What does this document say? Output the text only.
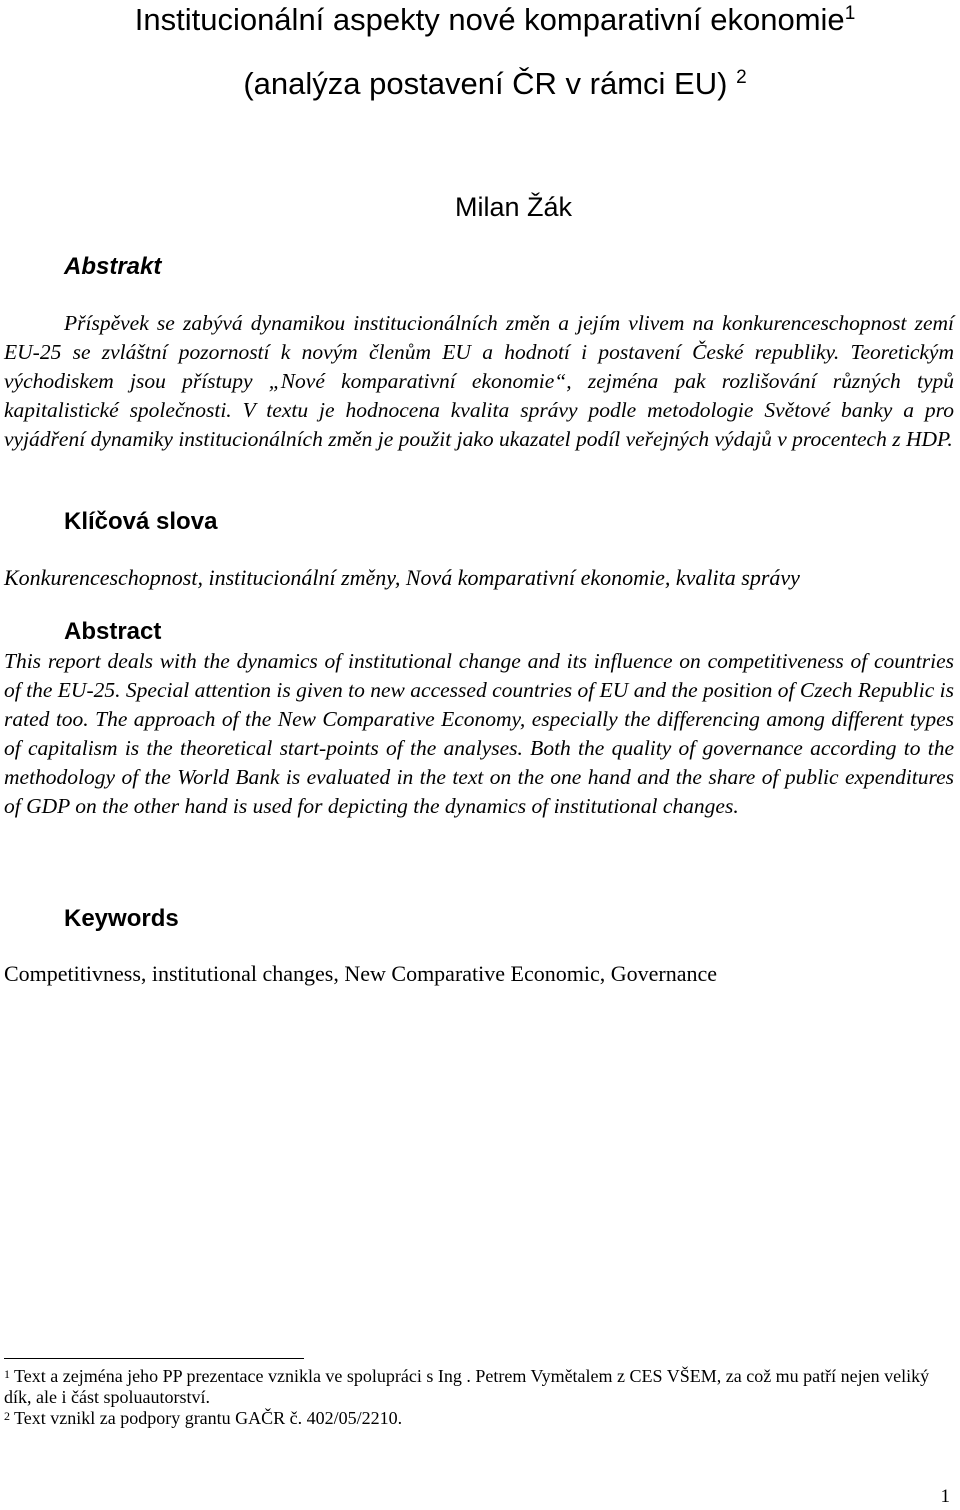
Institucionální aspekty nové komparativní ekonomie$^1$
(analýza postavení ČR v rámci EU) $^2$
Milan Žák
Abstrakt
Příspěvek se zabývá dynamikou institucionálních změn a jejím vlivem na konkurenceschopnost zemí EU-25 se zvláštní pozorností k novým členům EU a hodnotí i postavení České republiky. Teoretickým východiskem jsou přístupy „Nové komparativní ekonomie“, zejména pak rozlišování různých typů kapitalistické společnosti. V textu je hodnocena kvalita správy podle metodologie Světové banky a pro vyjádření dynamiky institucionálních změn je použit jako ukazatel podíl veřejných výdajů v procentech z HDP.
Klíčová slova
Konkurenceschopnost, institucionální změny, Nová komparativní ekonomie, kvalita správy
Abstract
This report deals with the dynamics of institutional change and its influence on competitiveness of countries of the EU-25. Special attention is given to new accessed countries of EU and the position of Czech Republic is rated too. The approach of the New Comparative Economy, especially the differencing among different types of capitalism is the theoretical start-points of the analyses. Both the quality of governance according to the methodology of the World Bank is evaluated in the text on the one hand and the share of public expenditures of GDP on the other hand is used for depicting the dynamics of institutional changes.
Keywords
Competitivness, institutional changes, New Comparative Economic, Governance

$^1$ Text a zejména jeho PP prezentace vznikla ve spolupráci s Ing . Petrem Vymětalem z CES VŠEM, za což mu patří nejen veliký dík, ale i část spoluautorství.

$^2$ Text vznikl za podpory grantu GAČR č. 402/05/2210.

1
